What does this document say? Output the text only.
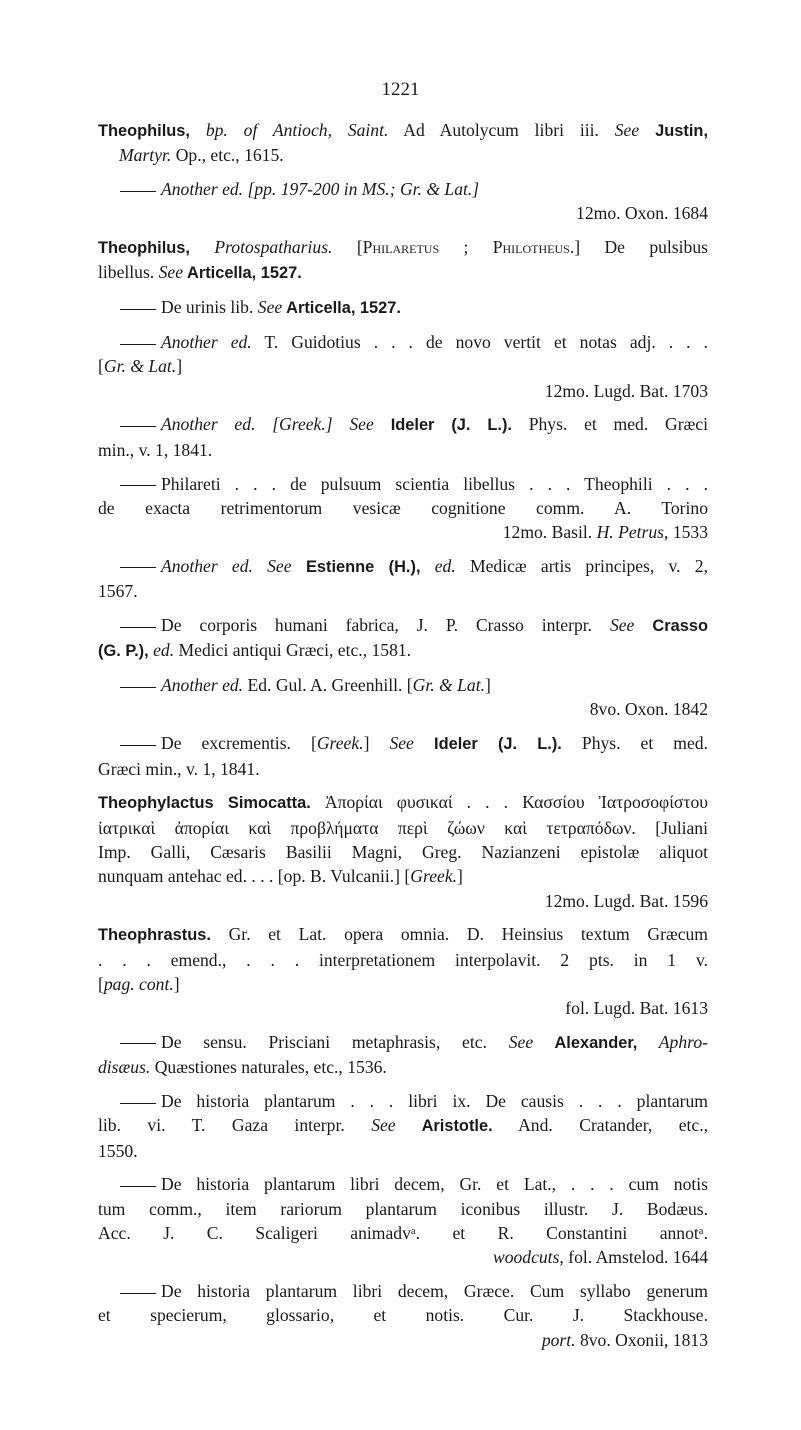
1221
Theophilus, bp. of Antioch, Saint. Ad Autolycum libri iii. See Justin,
Martyr. Op., etc., 1615.
Another ed. [pp. 197-200 in MS.; Gr. & Lat.]
12mo. Oxon. 1684
Theophilus, Protospatharius. [Philaretus ; Philotheus.] De pulsibus
libellus. See Articella, 1527.
De urinis lib. See Articella, 1527.
Another ed. T. Guidotius . . . de novo vertit et notas adj. . . .
[Gr. & Lat.]
12mo. Lugd. Bat. 1703
Another ed. [Greek.] See Ideler (J. L.). Phys. et med. Græci
min., v. 1, 1841.
Philareti . . . de pulsuum scientia libellus . . . Theophili . . .
de exacta retrimentorum vesicæ cognitione comm. A. Torino
12mo. Basil. H. Petrus, 1533
Another ed. See Estienne (H.), ed. Medicæ artis principes, v. 2,
1567.
De corporis humani fabrica, J. P. Crasso interpr. See Crasso
(G. P.), ed. Medici antiqui Græci, etc., 1581.
Another ed. Ed. Gul. A. Greenhill. [Gr. & Lat.]
8vo. Oxon. 1842
De excrementis. [Greek.] See Ideler (J. L.). Phys. et med.
Græci min., v. 1, 1841.
Theophylactus Simocatta. Ἀπορίαι φυσικαί . . . Κασσίου Ἰατροσοφίστου
ἰατρικαὶ ἀπορίαι καὶ προβλήματα περὶ ζώων καὶ τετραπόδων. [Juliani
Imp. Galli, Cæsaris Basilii Magni, Greg. Nazianzeni epistolæ aliquot
nunquam antehac ed. . . . [op. B. Vulcanii.] [Greek.]
12mo. Lugd. Bat. 1596
Theophrastus. Gr. et Lat. opera omnia. D. Heinsius textum Græcum
. . . emend., . . . interpretationem interpolavit. 2 pts. in 1 v.
[pag. cont.]
fol. Lugd. Bat. 1613
De sensu. Prisciani metaphrasis, etc. See Alexander, Aphro-
disæus. Quæstiones naturales, etc., 1536.
De historia plantarum . . . libri ix. De causis . . . plantarum
lib. vi. T. Gaza interpr. See Aristotle. And. Cratander, etc.,
1550.
De historia plantarum libri decem, Gr. et Lat., . . . cum notis
tum comm., item rariorum plantarum iconibus illustr. J. Bodæus.
Acc. J. C. Scaligeri animadvᵃ. et R. Constantini annotᵃ.
woodcuts, fol. Amstelod. 1644
De historia plantarum libri decem, Græce. Cum syllabo generum
et specierum, glossario, et notis. Cur. J. Stackhouse.
port. 8vo. Oxonii, 1813
